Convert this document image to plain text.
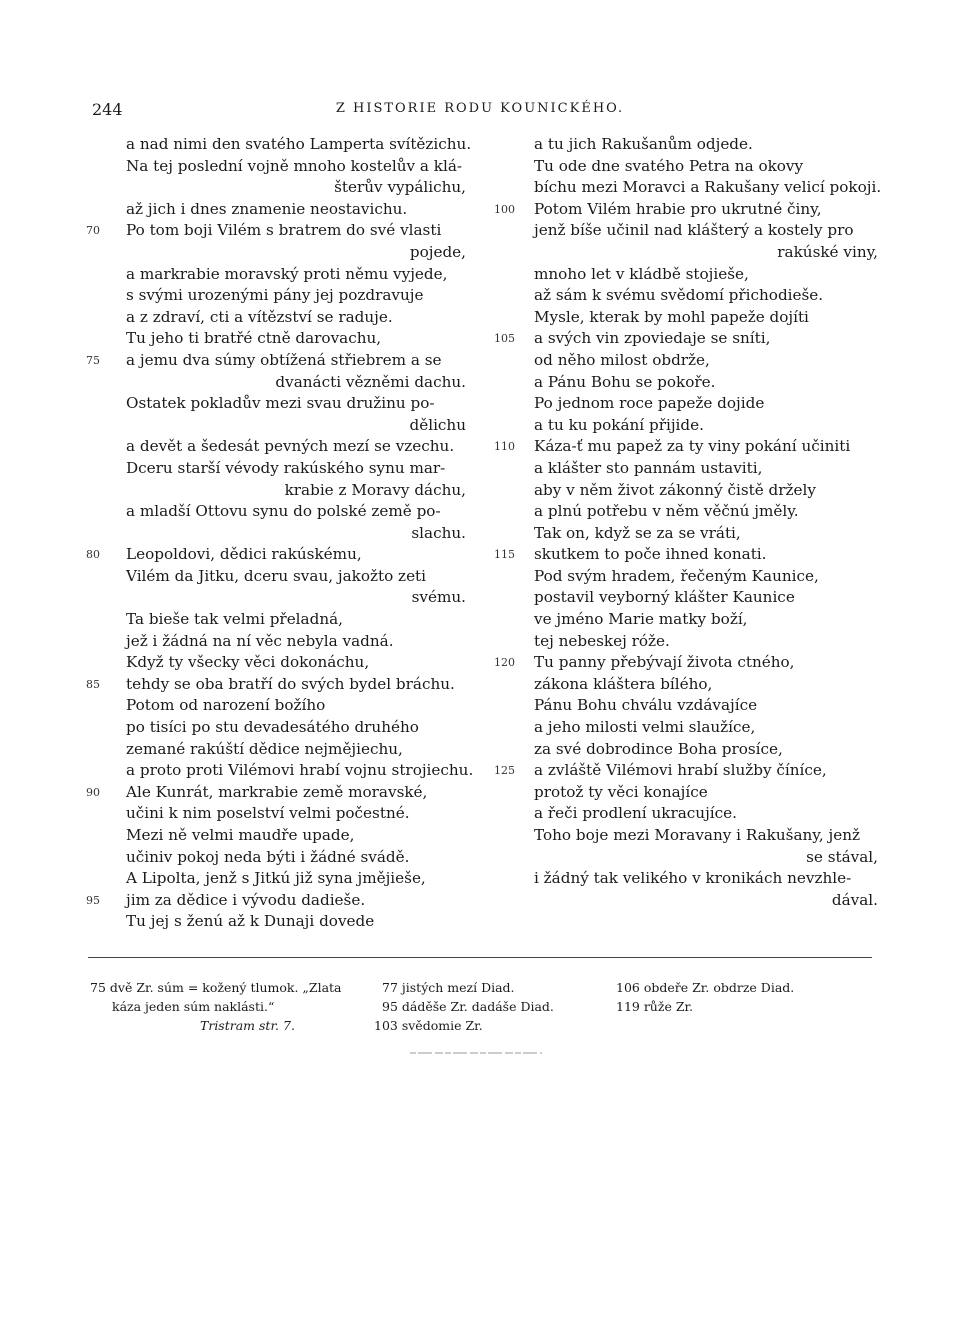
244	Z HISTORIE RODU KOUNICKÉHO.
a nad nimi den svatého Lamperta svítězichu.
Na tej poslední vojně mnoho kostelův a klá-
šterův vypálichu,
až jich i dnes znamenie neostavichu.
70	Po tom boji Vilém s bratrem do své vlasti
pojede,
a markrabie moravský proti němu vyjede,
s svými urozenými pány jej pozdravuje
a z zdraví, cti a vítězství se raduje.
Tu jeho ti bratřé ctně darovachu,
75	a jemu dva súmy obtížená střiebrem a se
dvanácti vězněmi dachu.
Ostatek pokladův mezi svau družinu po-
dělichu
a devět a šedesát pevných mezí se vzechu.
Dceru starší vévody rakúského synu mar-
krabie z Moravy dáchu,
a mladší Ottovu synu do polské země po-
slachu.
80	Leopoldovi, dědici rakúskému,
Vilém da Jitku, dceru svau, jakožto zeti
svému.
Ta bieše tak velmi přeladná,
jež i žádná na ní věc nebyla vadná.
Když ty všecky věci dokonáchu,
85	tehdy se oba bratří do svých bydel bráchu.
Potom od narození božího
po tisíci po stu devadesátého druhého
zemané rakúští dědice nejmějiechu,
a proto proti Vilémovi hrabí vojnu strojiechu.
90	Ale Kunrát, markrabie země moravské,
učini k nim poselství velmi počestné.
Mezi ně velmi maudře upade,
učiniv pokoj neda býti i žádné svádě.
A Lipolta, jenž s Jitkú již syna jmějieše,
95	jim za dědice i vývodu dadieše.
Tu jej s ženú až k Dunaji dovede
a tu jich Rakušanům odjede.
Tu ode dne svatého Petra na okovy
bíchu mezi Moravci a Rakušany velicí pokoji.
100	Potom Vilém hrabie pro ukrutné činy,
jenž bíše učinil nad klášterý a kostely pro
rakúské viny,
mnoho let v kládbě stojieše,
až sám k svému svědomí přichodieše.
Mysle, kterak by mohl papeže dojíti
105	a svých vin zpoviedaje se sníti,
od něho milost obdrže,
a Pánu Bohu se pokoře.
Po jednom roce papeže dojide
a tu ku pokání přijide.
110	Káza-ť mu papež za ty viny pokání učiniti
a klášter sto pannám ustaviti,
aby v něm život zákonný čistě držely
a plnú potřebu v něm věčnú jměly.
Tak on, když se za se vráti,
115	skutkem to poče ihned konati.
Pod svým hradem, řečeným Kaunice,
postavil veyborný klášter Kaunice
ve jméno Marie matky boží,
tej nebeskej róže.
120	Tu panny přebývají života ctného,
zákona kláštera bílého,
Pánu Bohu chválu vzdávajíce
a jeho milosti velmi slaužíce,
za své dobrodince Boha prosíce,
125	a zvláště Vilémovi hrabí služby číníce,
protož ty věci konajíce
a řeči prodlení ukracujíce.
Toho boje mezi Moravany i Rakušany, jenž
se stával,
i žádný tak velikého v kronikách nevzhle-
dával.
75 dvě Zr. súm = kožený tlumok. „Zlata
káza jeden súm naklásti.“
Tristram str. 7.
77 jistých mezí Diad.
95 dáděše Zr. dadáše Diad.
103 svědomie Zr.
106 obdeře Zr. obdrze Diad.
119 růže Zr.
